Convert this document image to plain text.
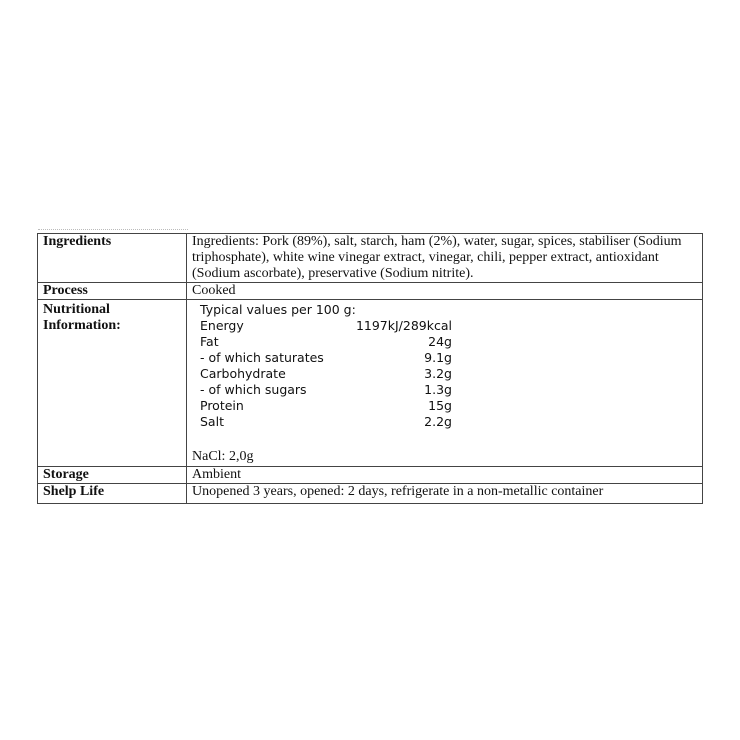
Ingredients	Ingredients: Pork (89%), salt, starch, ham (2%), water, sugar, spices, stabiliser (Sodium triphosphate), white wine vinegar extract, vinegar, chili, pepper extract, antioxidant (Sodium ascorbate), preservative (Sodium nitrite).
Process	Cooked
Nutritional Information:	
Typical values per 100 g:
Energy	1197kJ/289kcal
Fat	24g
- of which saturates	9.1g
Carbohydrate	3.2g
- of which sugars	1.3g
Protein	15g
Salt	2.2g
NaCl: 2,0g

Storage	Ambient
Shelp Life	Unopened 3 years, opened: 2 days, refrigerate in a non-metallic container
